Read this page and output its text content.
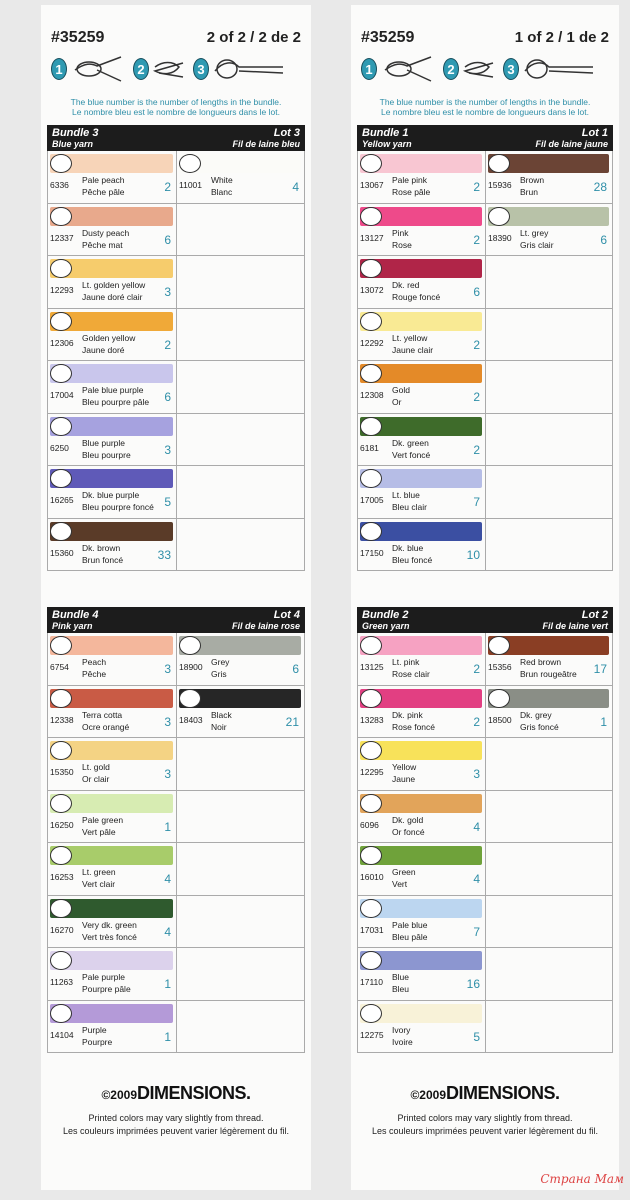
#35259	2 of 2 / 2 de 2
1	2	3
The blue number is the number of lengths in the bundle.
Le nombre bleu est le nombre de longueurs dans le lot.
Bundle 3
Blue yarn
Lot 3
Fil de laine bleu
6336 Pale peach
Pêche pâle	2
12337 Dusty peach
Pêche mat	6
12293 Lt. golden yellow
Jaune doré clair 3
12306 Golden yellow
Jaune doré	2
17004 Pale blue purple
Bleu pourpre pâle 6
6250 Blue purple
Bleu pourpre	3
16265 Dk. blue purple
Bleu pourpre foncé 5
15360 Dk. brown
Brun foncé	33
11001 White
Blanc	4
Bundle 4
Pink yarn
Lot 4
Fil de laine rose
6754 Peach
Pêche	3
12338 Terra cotta
Ocre orangé	3
15350 Lt. gold
Or clair	3
16250 Pale green
Vert pâle	1
16253 Lt. green
Vert clair	4
16270 Very dk. green
Vert très foncé 4
11263 Pale purple
Pourpre pâle	1
14104 Purple
Pourpre	1
18900 Grey
Gris	6
18403 Black
Noir	21
©2009DIMENSIONS.
Printed colors may vary slightly from thread.
Les couleurs imprimées peuvent varier légèrement du fil.
#35259	1 of 2 / 1 de 2
1	2	3
The blue number is the number of lengths in the bundle.
Le nombre bleu est le nombre de longueurs dans le lot.
Bundle 1
Yellow yarn
Lot 1
Fil de laine jaune
13067 Pale pink
Rose pâle	2
13127 Pink
Rose	2
13072 Dk. red
Rouge foncé	6
12292 Lt. yellow
Jaune clair	2
12308 Gold
Or	2
6181 Dk. green
Vert foncé	2
17005 Lt. blue
Bleu clair	7
17150 Dk. blue
Bleu foncé	10
15936 Brown
Brun	28
18390 Lt. grey
Gris clair	6
Bundle 2
Green yarn
Lot 2
Fil de laine vert
13125 Lt. pink
Rose clair	2
13283 Dk. pink
Rose foncé	2
12295 Yellow
Jaune	3
6096 Dk. gold
Or foncé	4
16010 Green
Vert	4
17031 Pale blue
Bleu pâle	7
17110 Blue
Bleu	16
12275 Ivory
Ivoire	5
15356 Red brown
Brun rougeâtre 17
18500 Dk. grey
Gris foncé	1
©2009DIMENSIONS.
Printed colors may vary slightly from thread.
Les couleurs imprimées peuvent varier légèrement du fil.
Страна Мам
